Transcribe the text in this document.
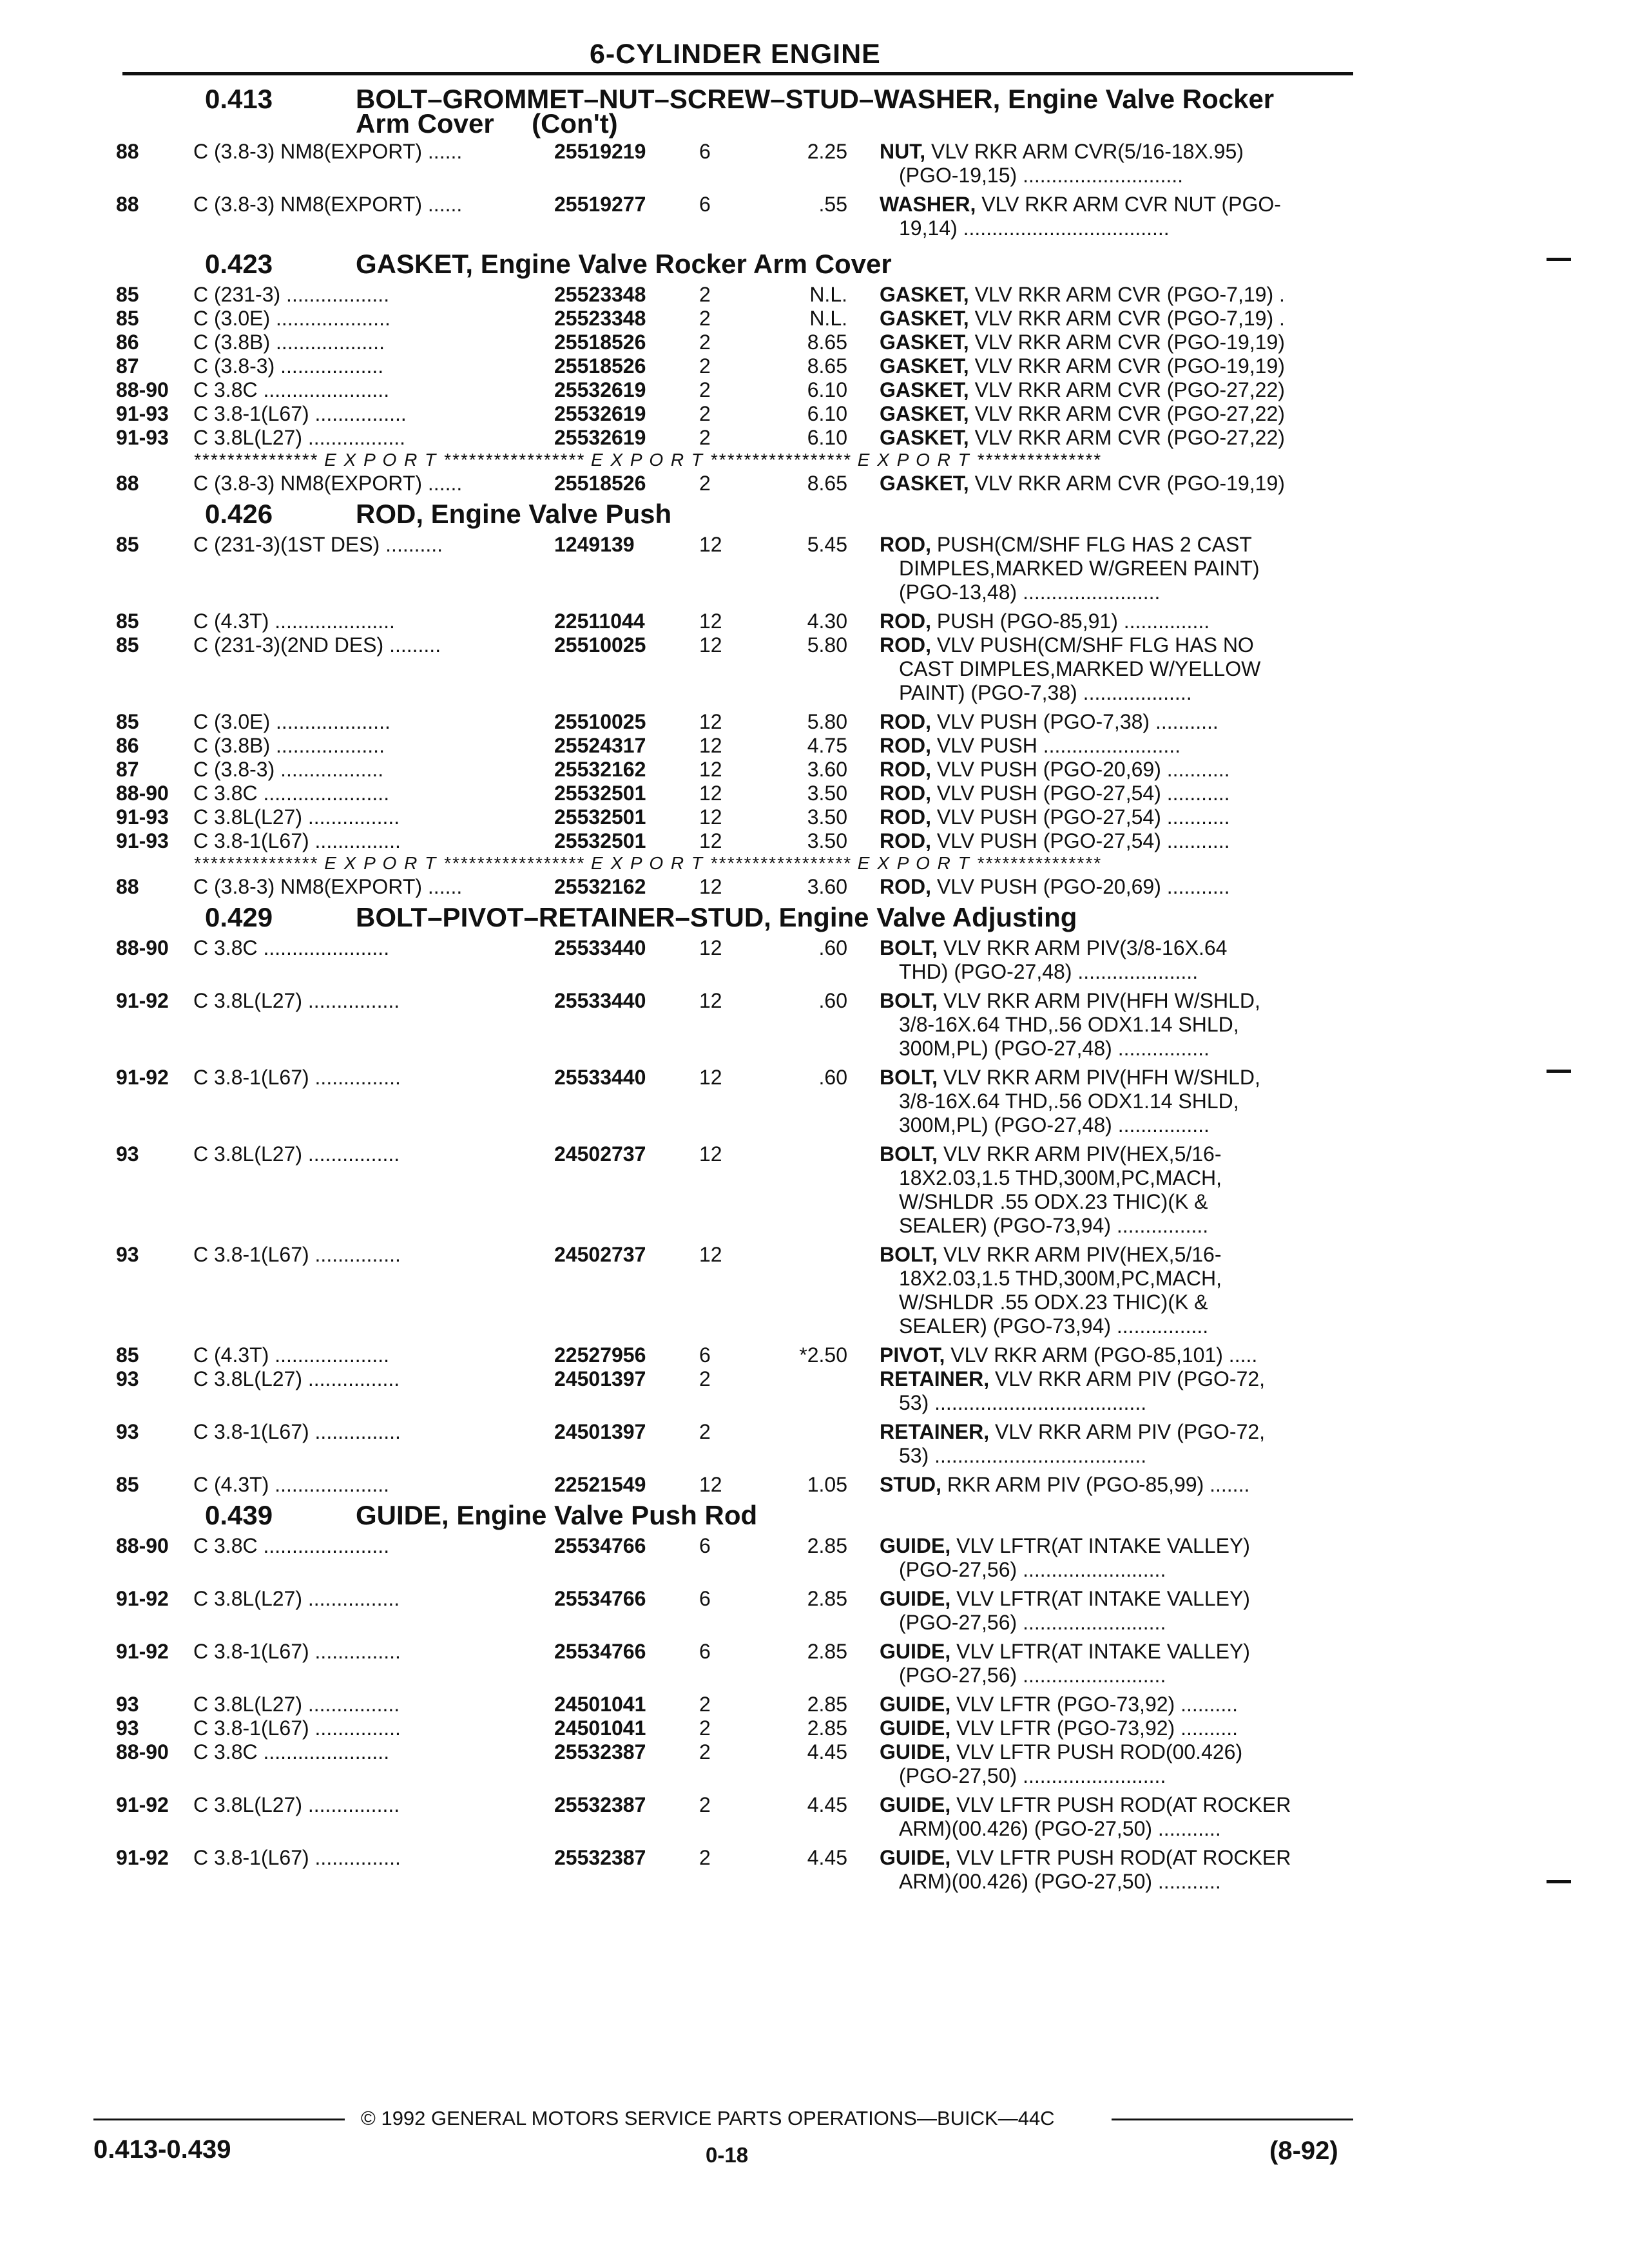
6-CYLINDER ENGINE
0.413	BOLT–GROMMET–NUT–SCREW–STUD–WASHER, Engine Valve Rocker
Arm Cover     (Con't)
88	C (3.8-3) NM8(EXPORT) ......	25519219	6	2.25 NUT, VLV RKR ARM CVR(5/16-18X.95)
(PGO-19,15) ............................
88	C (3.8-3) NM8(EXPORT) ......	25519277	6	.55 WASHER, VLV RKR ARM CVR NUT (PGO-
19,14) ....................................
0.423	GASKET, Engine Valve Rocker Arm Cover
85	C (231-3) ..................	25523348	2	N.L. GASKET, VLV RKR ARM CVR (PGO-7,19) .
85	C (3.0E) ....................	25523348	2	N.L. GASKET, VLV RKR ARM CVR (PGO-7,19) .
86	C (3.8B) ...................	25518526	2	8.65 GASKET, VLV RKR ARM CVR (PGO-19,19)
87	C (3.8-3) ..................	25518526	2	8.65 GASKET, VLV RKR ARM CVR (PGO-19,19)
88-90 C 3.8C ......................	25532619	2	6.10 GASKET, VLV RKR ARM CVR (PGO-27,22)
91-93 C 3.8-1(L67) ................	25532619	2	6.10 GASKET, VLV RKR ARM CVR (PGO-27,22)
91-93 C 3.8L(L27) .................	25532619	2	6.10 GASKET, VLV RKR ARM CVR (PGO-27,22)
*************** E X P O R T ***************** E X P O R T ***************** E X P O R T ***************
88	C (3.8-3) NM8(EXPORT) ......	25518526	2	8.65 GASKET, VLV RKR ARM CVR (PGO-19,19)
0.426	ROD, Engine Valve Push
85	C (231-3)(1ST DES) ..........	1249139	12	5.45 ROD, PUSH(CM/SHF FLG HAS 2 CAST
DIMPLES,MARKED W/GREEN PAINT)
(PGO-13,48) ........................
85	C (4.3T) .....................	22511044	12	4.30 ROD, PUSH (PGO-85,91) ...............
85	C (231-3)(2ND DES) .........	25510025	12	5.80 ROD, VLV PUSH(CM/SHF FLG HAS NO
CAST DIMPLES,MARKED W/YELLOW
PAINT) (PGO-7,38) ...................
85	C (3.0E) ....................	25510025	12	5.80 ROD, VLV PUSH (PGO-7,38) ...........
86	C (3.8B) ...................	25524317	12	4.75 ROD, VLV PUSH ........................
87	C (3.8-3) ..................	25532162	12	3.60 ROD, VLV PUSH (PGO-20,69) ...........
88-90 C 3.8C ......................	25532501	12	3.50 ROD, VLV PUSH (PGO-27,54) ...........
91-93 C 3.8L(L27) ................	25532501	12	3.50 ROD, VLV PUSH (PGO-27,54) ...........
91-93 C 3.8-1(L67) ...............	25532501	12	3.50 ROD, VLV PUSH (PGO-27,54) ...........
*************** E X P O R T ***************** E X P O R T ***************** E X P O R T ***************
88	C (3.8-3) NM8(EXPORT) ......	25532162	12	3.60 ROD, VLV PUSH (PGO-20,69) ...........
0.429	BOLT–PIVOT–RETAINER–STUD, Engine Valve Adjusting
88-90 C 3.8C ......................	25533440	12	.60 BOLT, VLV RKR ARM PIV(3/8-16X.64
THD) (PGO-27,48) .....................
91-92 C 3.8L(L27) ................	25533440	12	.60 BOLT, VLV RKR ARM PIV(HFH W/SHLD,
3/8-16X.64 THD,.56 ODX1.14 SHLD,
300M,PL) (PGO-27,48) ................
91-92 C 3.8-1(L67) ...............	25533440	12	.60 BOLT, VLV RKR ARM PIV(HFH W/SHLD,
3/8-16X.64 THD,.56 ODX1.14 SHLD,
300M,PL) (PGO-27,48) ................
93	C 3.8L(L27) ................	24502737	12	BOLT, VLV RKR ARM PIV(HEX,5/16-
18X2.03,1.5 THD,300M,PC,MACH,
W/SHLDR .55 ODX.23 THIC)(K &
SEALER) (PGO-73,94) ................
93	C 3.8-1(L67) ...............	24502737	12	BOLT, VLV RKR ARM PIV(HEX,5/16-
18X2.03,1.5 THD,300M,PC,MACH,
W/SHLDR .55 ODX.23 THIC)(K &
SEALER) (PGO-73,94) ................
85	C (4.3T) ....................	22527956	6	*2.50 PIVOT, VLV RKR ARM (PGO-85,101) .....
93	C 3.8L(L27) ................	24501397	2	RETAINER, VLV RKR ARM PIV (PGO-72,
53) .....................................
93	C 3.8-1(L67) ...............	24501397	2	RETAINER, VLV RKR ARM PIV (PGO-72,
53) .....................................
85	C (4.3T) ....................	22521549	12	1.05 STUD, RKR ARM PIV (PGO-85,99) .......
0.439	GUIDE, Engine Valve Push Rod
88-90 C 3.8C ......................	25534766	6	2.85 GUIDE, VLV LFTR(AT INTAKE VALLEY)
(PGO-27,56) .........................
91-92 C 3.8L(L27) ................	25534766	6	2.85 GUIDE, VLV LFTR(AT INTAKE VALLEY)
(PGO-27,56) .........................
91-92 C 3.8-1(L67) ...............	25534766	6	2.85 GUIDE, VLV LFTR(AT INTAKE VALLEY)
(PGO-27,56) .........................
93	C 3.8L(L27) ................	24501041	2	2.85 GUIDE, VLV LFTR (PGO-73,92) ..........
93	C 3.8-1(L67) ...............	24501041	2	2.85 GUIDE, VLV LFTR (PGO-73,92) ..........
88-90 C 3.8C ......................	25532387	2	4.45 GUIDE, VLV LFTR PUSH ROD(00.426)
(PGO-27,50) .........................
91-92 C 3.8L(L27) ................	25532387	2	4.45 GUIDE, VLV LFTR PUSH ROD(AT ROCKER
ARM)(00.426) (PGO-27,50) ...........
91-92 C 3.8-1(L67) ...............	25532387	2	4.45 GUIDE, VLV LFTR PUSH ROD(AT ROCKER
ARM)(00.426) (PGO-27,50) ...........
© 1992 GENERAL MOTORS SERVICE PARTS OPERATIONS—BUICK—44C
0.413-0.439	0-18	(8-92)
